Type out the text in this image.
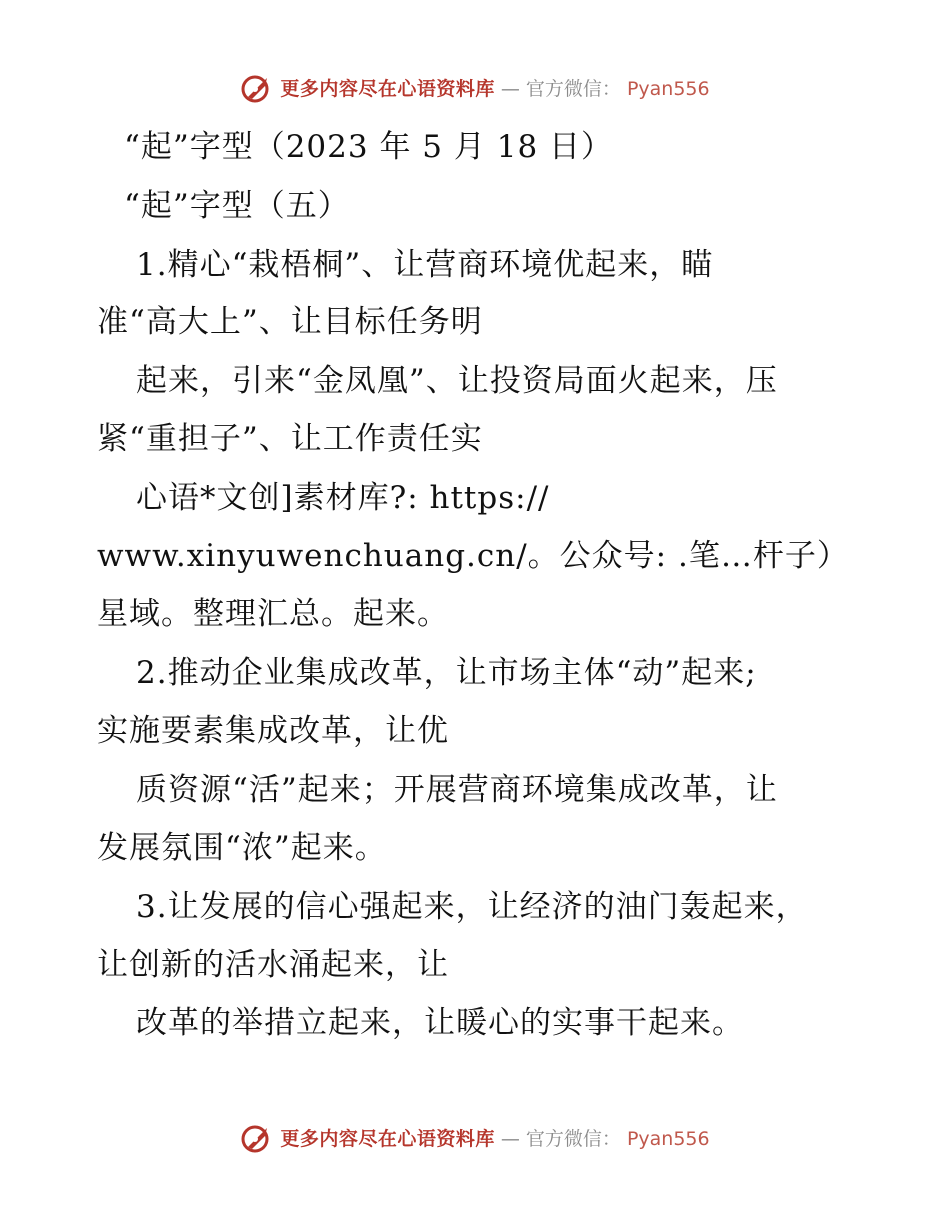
更多内容尽在心语资料库 — 官方微信： Pyan556
“起”字型（2023 年 5 月 18 日）
“起”字型（五）
1.精心“栽梧桐”、让营商环境优起来，瞄
准“高大上”、让目标任务明
起来，引来“金凤凰”、让投资局面火起来，压
紧“重担子”、让工作责任实
心语*文创]素材库?: https://
www.xinyuwenchuang.cn/。公众号: .笔…杆子）
星域。整理汇总。起来。
2.推动企业集成改革，让市场主体“动”起来;
实施要素集成改革，让优
质资源“活”起来；开展营商环境集成改革，让
发展氛围“浓”起来。
3.让发展的信心强起来，让经济的油门轰起来，
让创新的活水涌起来，让
改革的举措立起来，让暖心的实事干起来。
更多内容尽在心语资料库 — 官方微信： Pyan556
